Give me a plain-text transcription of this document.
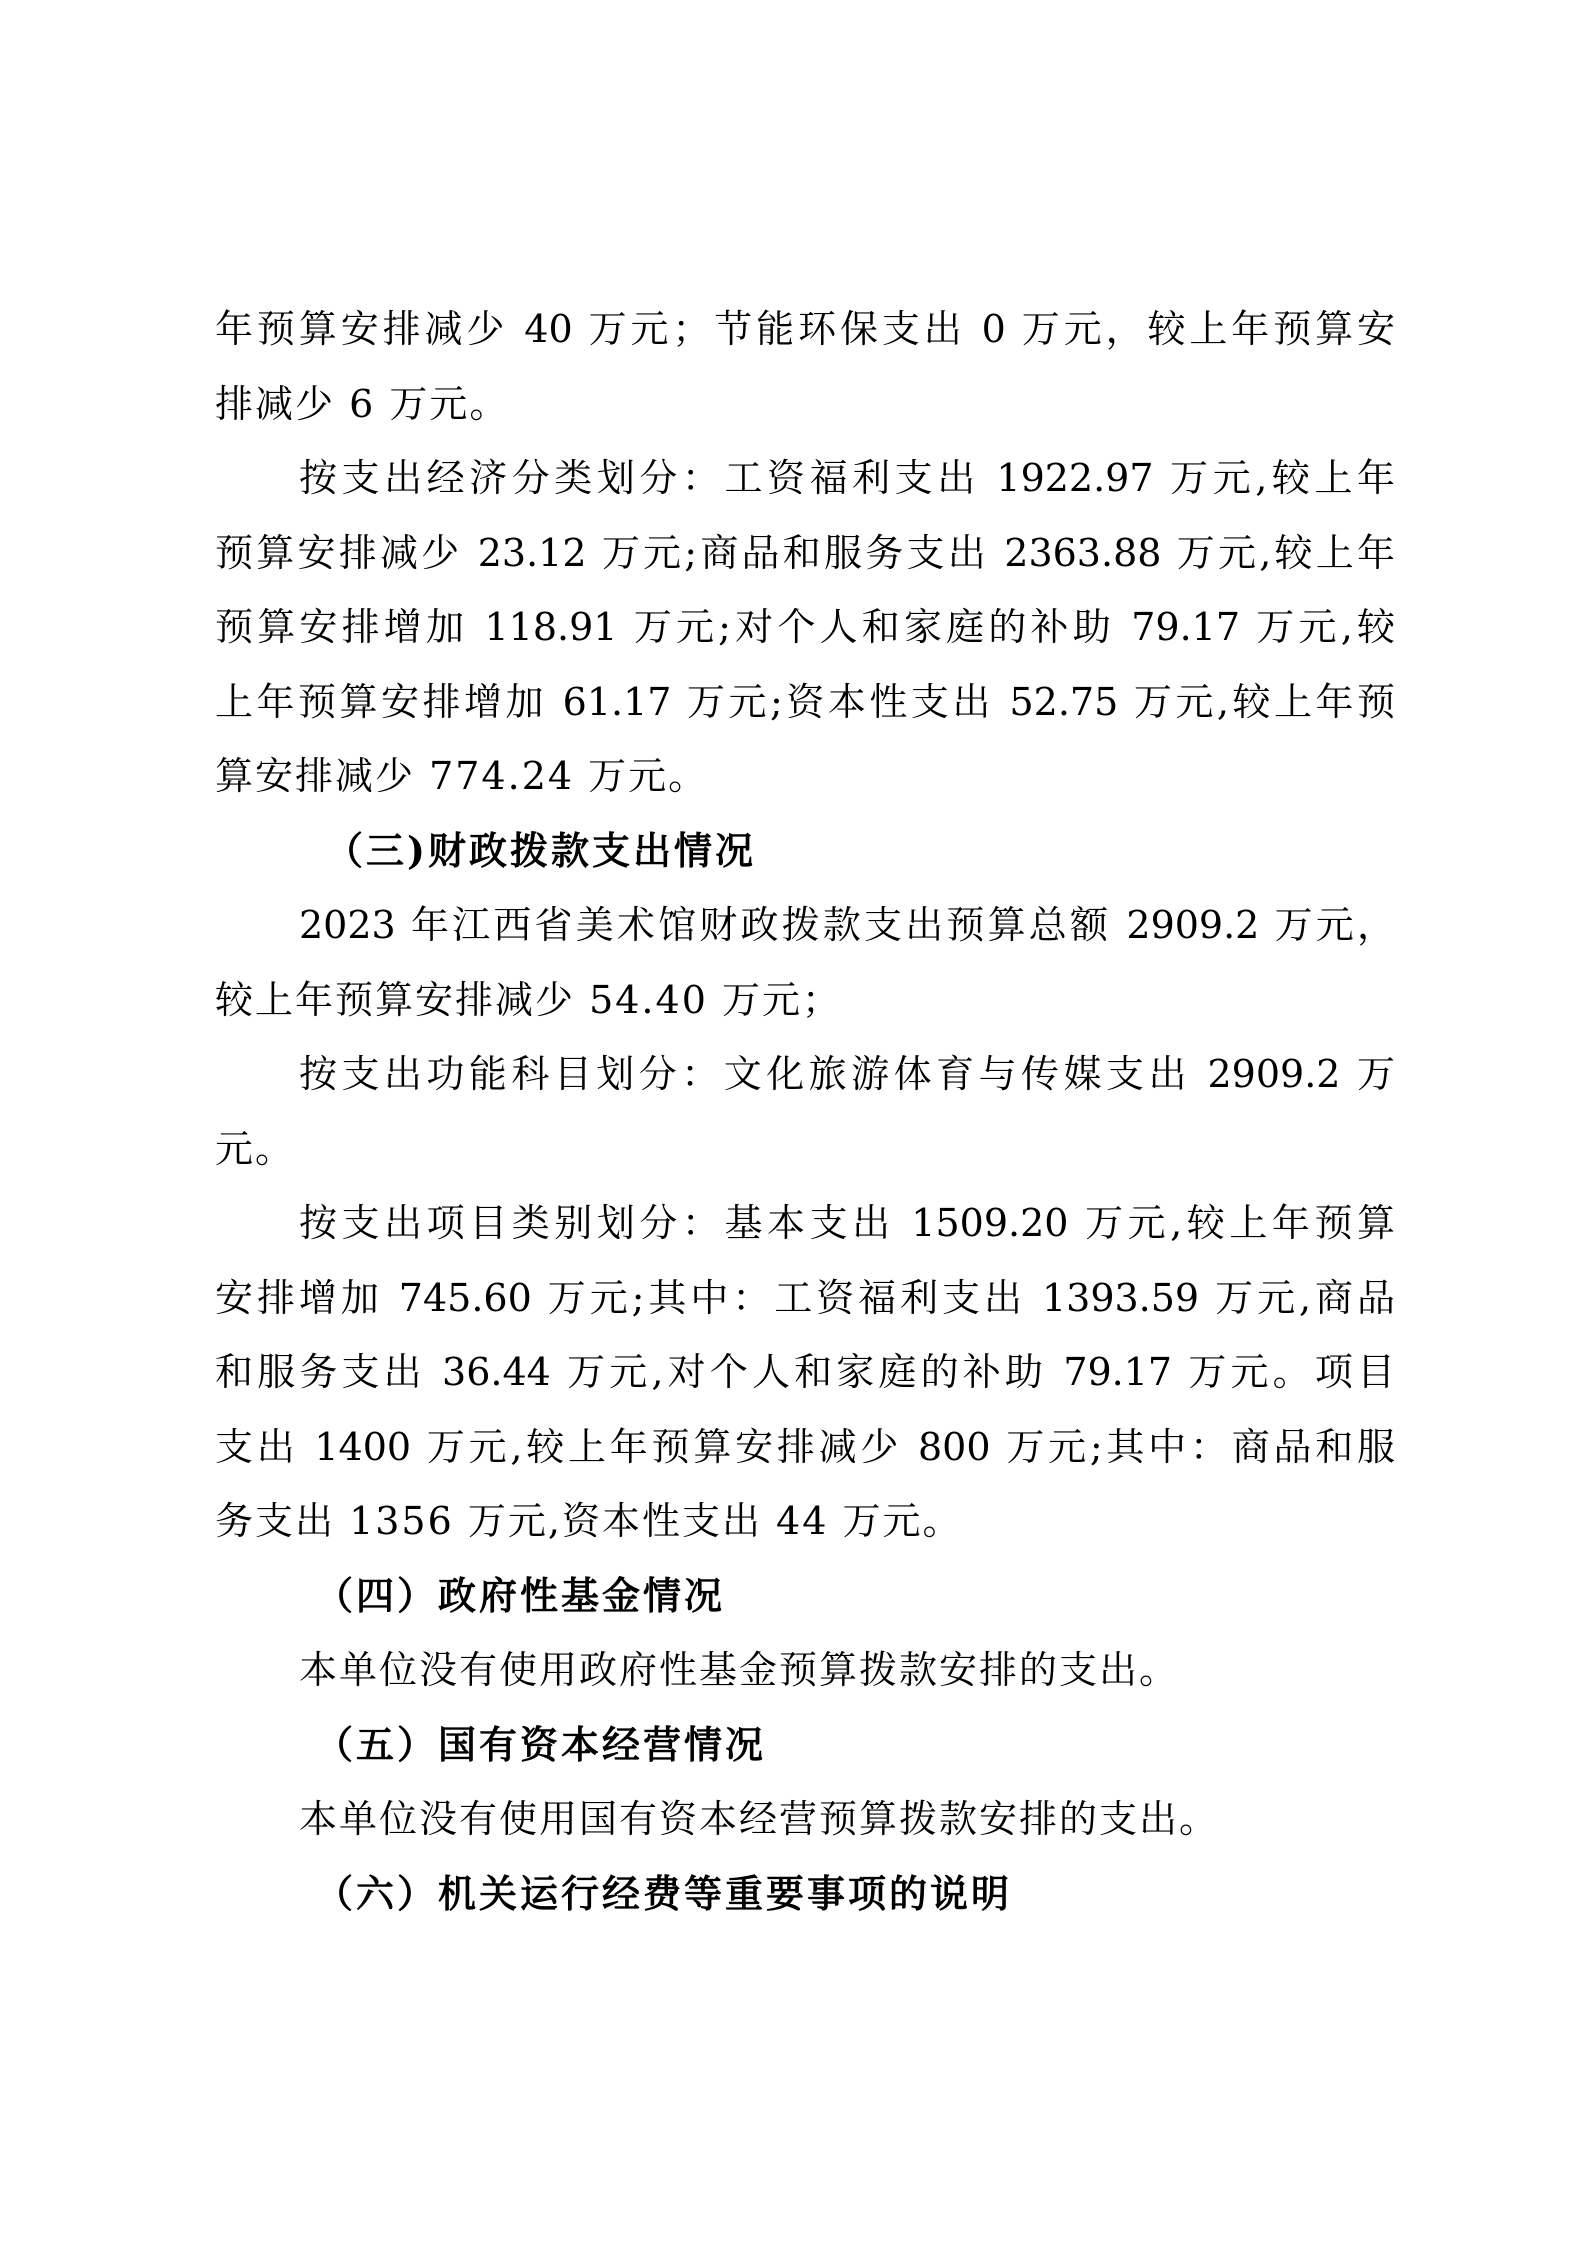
年预算安排减少 40 万元；节能环保支出 0 万元，较上年预算安
排减少 6 万元。
按支出经济分类划分：工资福利支出 1922.97 万元,较上年
预算安排减少 23.12 万元;商品和服务支出 2363.88 万元,较上年
预算安排增加 118.91 万元;对个人和家庭的补助 79.17 万元,较
上年预算安排增加 61.17 万元;资本性支出 52.75 万元,较上年预
算安排减少 774.24 万元。
（三)财政拨款支出情况
2023 年江西省美术馆财政拨款支出预算总额 2909.2 万元，
较上年预算安排减少 54.40 万元；
按支出功能科目划分：文化旅游体育与传媒支出 2909.2 万
元。
按支出项目类别划分：基本支出 1509.20 万元,较上年预算
安排增加 745.60 万元;其中：工资福利支出 1393.59 万元,商品
和服务支出 36.44 万元,对个人和家庭的补助 79.17 万元。项目
支出 1400 万元,较上年预算安排减少 800 万元;其中：商品和服
务支出 1356 万元,资本性支出 44 万元。
（四）政府性基金情况
本单位没有使用政府性基金预算拨款安排的支出。
（五）国有资本经营情况
本单位没有使用国有资本经营预算拨款安排的支出。
（六）机关运行经费等重要事项的说明
